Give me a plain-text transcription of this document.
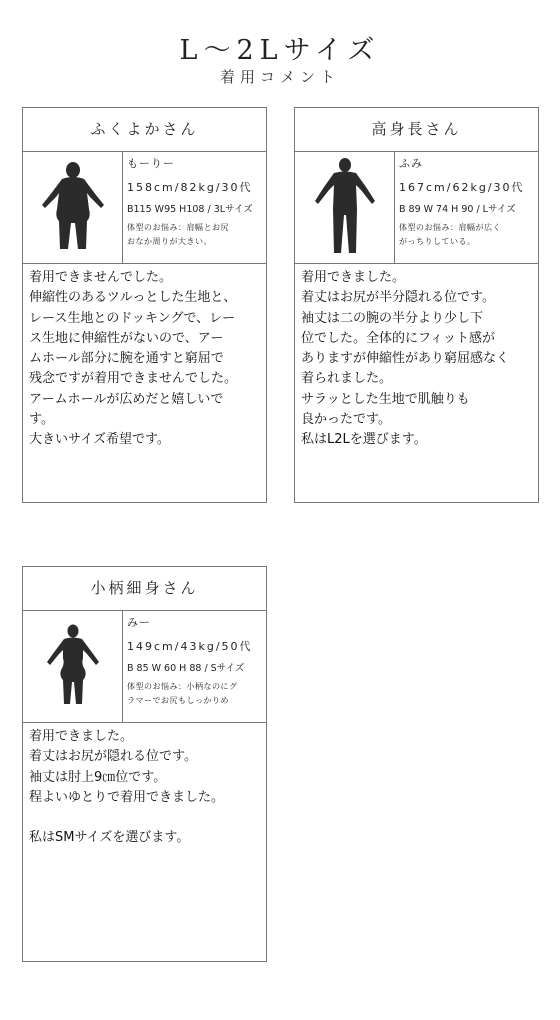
L～2Lサイズ
着用コメント
ふくよかさん
もーりー
158cm/82kg/30代
B115 W95 H108 / 3Lサイズ
体型のお悩み：肩幅とお尻
おなか周りが大きい。
着用できませんでした。
伸縮性のあるツルっとした生地と、
レース生地とのドッキングで、レー
ス生地に伸縮性がないので、アー
ムホール部分に腕を通すと窮屈で
残念ですが着用できませんでした。
アームホールが広めだと嬉しいで
す。
大きいサイズ希望です。
高身長さん
ふみ
167cm/62kg/30代
B 89 W 74 H 90 / Lサイズ
体型のお悩み：肩幅が広く
がっちりしている。
着用できました。
着丈はお尻が半分隠れる位です。
袖丈は二の腕の半分より少し下
位でした。全体的にフィット感が
ありますが伸縮性があり窮屈感なく
着られました。
サラッとした生地で肌触りも
良かったです。
私はL2Lを選びます。
小柄細身さん
みー
149cm/43kg/50代
B 85 W 60 H 88 / Sサイズ
体型のお悩み：小柄なのにグ
ラマーでお尻もしっかりめ
着用できました。
着丈はお尻が隠れる位です。
袖丈は肘上9㎝位です。
程よいゆとりで着用できました。
私はSMサイズを選びます。
